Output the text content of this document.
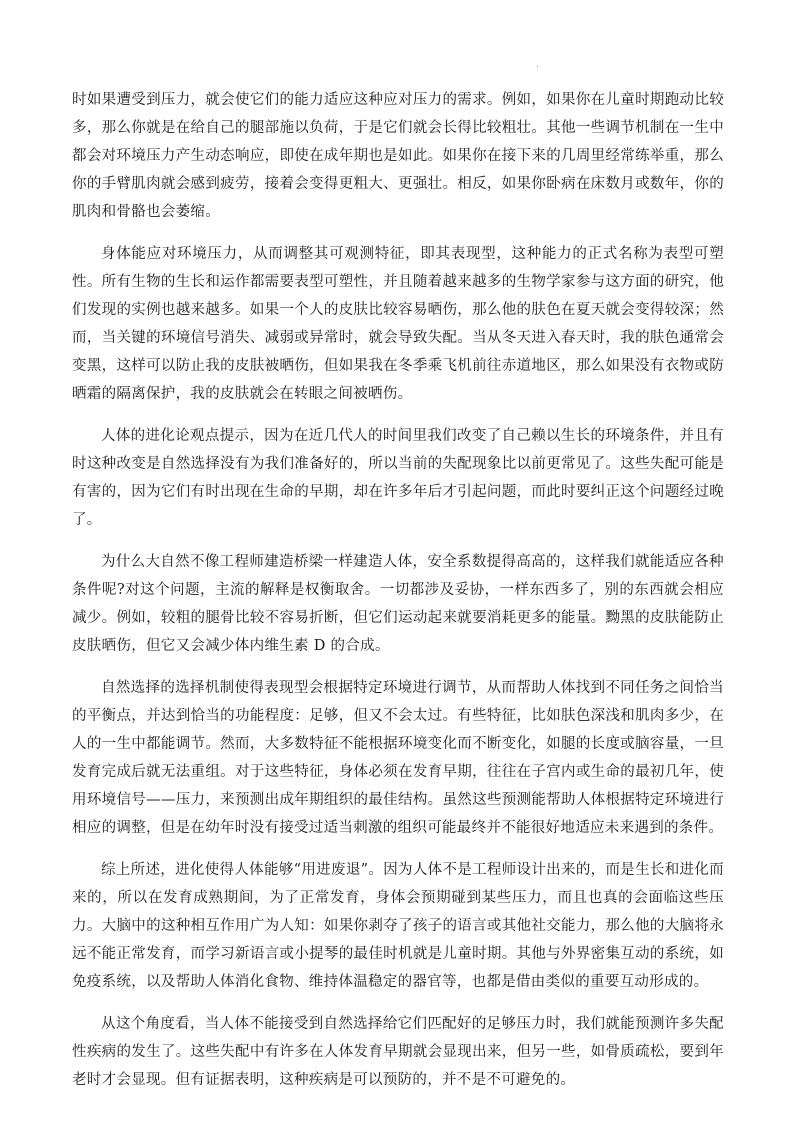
.

时如果遭受到压力，就会使它们的能力适应这种应对压力的需求。例如，如果你在儿童时期跑动比较多，那么你就是在给自己的腿部施以负荷，于是它们就会长得比较粗壮。其他一些调节机制在一生中都会对环境压力产生动态响应，即使在成年期也是如此。如果你在接下来的几周里经常练举重，那么你的手臂肌肉就会感到疲劳，接着会变得更粗大、更强壮。相反，如果你卧病在床数月或数年，你的肌肉和骨骼也会萎缩。

身体能应对环境压力，从而调整其可观测特征，即其表现型，这种能力的正式名称为表型可塑性。所有生物的生长和运作都需要表型可塑性，并且随着越来越多的生物学家参与这方面的研究，他们发现的实例也越来越多。如果一个人的皮肤比较容易晒伤，那么他的肤色在夏天就会变得较深；然而，当关键的环境信号消失、减弱或异常时，就会导致失配。当从冬天进入春天时，我的肤色通常会变黑，这样可以防止我的皮肤被晒伤，但如果我在冬季乘飞机前往赤道地区，那么如果没有衣物或防晒霜的隔离保护，我的皮肤就会在转眼之间被晒伤。

人体的进化论观点提示，因为在近几代人的时间里我们改变了自己赖以生长的环境条件，并且有时这种改变是自然选择没有为我们准备好的，所以当前的失配现象比以前更常见了。这些失配可能是有害的，因为它们有时出现在生命的早期，却在许多年后才引起问题，而此时要纠正这个问题经过晚了。

为什么大自然不像工程师建造桥梁一样建造人体，安全系数提得高高的，这样我们就能适应各种条件呢?对这个问题，主流的解释是权衡取舍。一切都涉及妥协，一样东西多了，别的东西就会相应减少。例如，较粗的腿骨比较不容易折断，但它们运动起来就要消耗更多的能量。黝黑的皮肤能防止皮肤晒伤，但它又会减少体内维生素 D 的合成。

自然选择的选择机制使得表现型会根据特定环境进行调节，从而帮助人体找到不同任务之间恰当的平衡点，并达到恰当的功能程度：足够，但又不会太过。有些特征，比如肤色深浅和肌肉多少，在人的一生中都能调节。然而，大多数特征不能根据环境变化而不断变化，如腿的长度或脑容量，一旦发育完成后就无法重组。对于这些特征，身体必须在发育早期，往往在子宫内或生命的最初几年，使用环境信号——压力，来预测出成年期组织的最佳结构。虽然这些预测能帮助人体根据特定环境进行相应的调整，但是在幼年时没有接受过适当刺激的组织可能最终并不能很好地适应未来遇到的条件。

综上所述，进化使得人体能够“用进废退”。因为人体不是工程师设计出来的，而是生长和进化而来的，所以在发育成熟期间，为了正常发育，身体会预期碰到某些压力，而且也真的会面临这些压力。大脑中的这种相互作用广为人知：如果你剥夺了孩子的语言或其他社交能力，那么他的大脑将永远不能正常发育，而学习新语言或小提琴的最佳时机就是儿童时期。其他与外界密集互动的系统，如免疫系统，以及帮助人体消化食物、维持体温稳定的器官等，也都是借由类似的重要互动形成的。

从这个角度看，当人体不能接受到自然选择给它们匹配好的足够压力时，我们就能预测许多失配性疾病的发生了。这些失配中有许多在人体发育早期就会显现出来，但另一些，如骨质疏松，要到年老时才会显现。但有证据表明，这种疾病是可以预防的，并不是不可避免的。
